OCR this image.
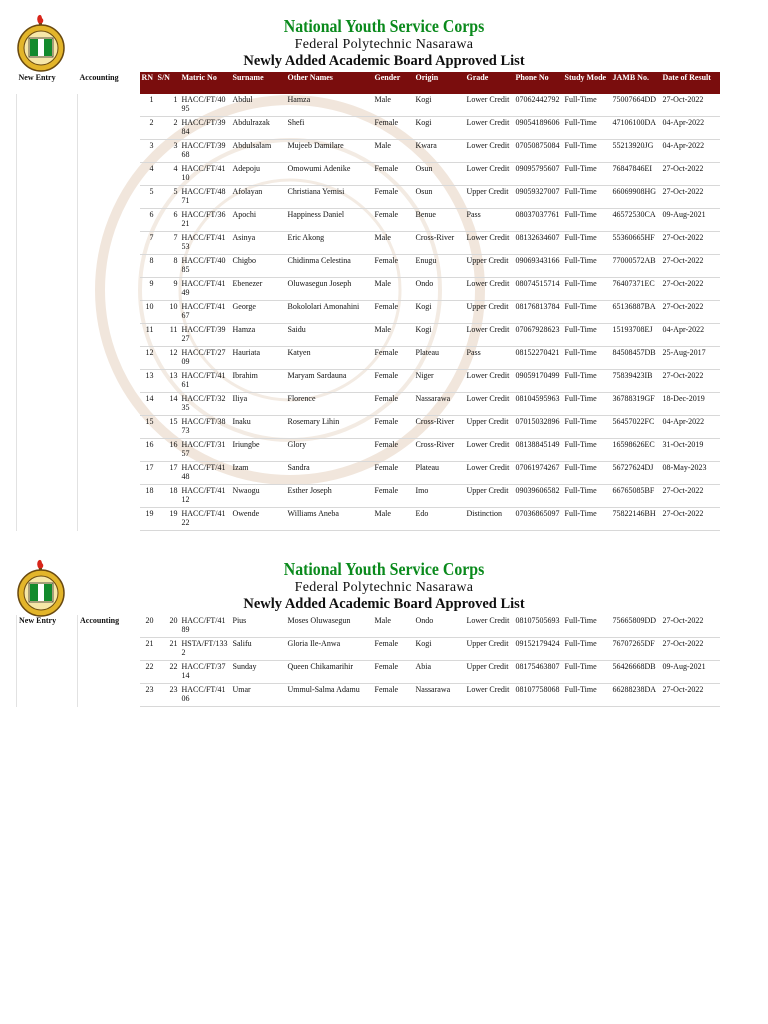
National Youth Service Corps
Federal Polytechnic Nasarawa
Newly Added Academic Board Approved List
New Entry	Accounting	RN	S/N	Matric No	Surname	Other Names	Gender	Origin	Grade	Phone No	Study Mode	JAMB No.	Date of Result
		1	1	HACC/FT/40 95	Abdul	Hamza	Male	Kogi	Lower Credit	07062442792	Full-Time	75007664DD	27-Oct-2022
		2	2	HACC/FT/39 84	Abdulrazak	Shefi	Female	Kogi	Lower Credit	09054189606	Full-Time	47106100DA	04-Apr-2022
		3	3	HACC/FT/39 68	Abdulsalam	Mujeeb Damilare	Male	Kwara	Lower Credit	07050875084	Full-Time	55213920JG	04-Apr-2022
		4	4	HACC/FT/41 10	Adepoju	Omowumi Adenike	Female	Osun	Lower Credit	09095795607	Full-Time	76847846EI	27-Oct-2022
		5	5	HACC/FT/48 71	Afolayan	Christiana Yemisi	Female	Osun	Upper Credit	09059327007	Full-Time	66069908HG	27-Oct-2022
		6	6	HACC/FT/36 21	Apochi	Happiness Daniel	Female	Benue	Pass	08037037761	Full-Time	46572530CA	09-Aug-2021
		7	7	HACC/FT/41 53	Asinya	Eric Akong	Male	Cross-River	Lower Credit	08132634607	Full-Time	55360665HF	27-Oct-2022
		8	8	HACC/FT/40 85	Chigbo	Chidinma Celestina	Female	Enugu	Upper Credit	09069343166	Full-Time	77000572AB	27-Oct-2022
		9	9	HACC/FT/41 49	Ebenezer	Oluwasegun Joseph	Male	Ondo	Lower Credit	08074515714	Full-Time	76407371EC	27-Oct-2022
		10	10	HACC/FT/41 67	George	Bokololari Amonahini	Female	Kogi	Upper Credit	08176813784	Full-Time	65136887BA	27-Oct-2022
		11	11	HACC/FT/39 27	Hamza	Saidu	Male	Kogi	Lower Credit	07067928623	Full-Time	15193708EJ	04-Apr-2022
		12	12	HACC/FT/27 09	Hauriata	Katyen	Female	Plateau	Pass	08152270421	Full-Time	84508457DB	25-Aug-2017
		13	13	HACC/FT/41 61	Ibrahim	Maryam Sardauna	Female	Niger	Lower Credit	09059170499	Full-Time	75839423IB	27-Oct-2022
		14	14	HACC/FT/32 35	Iliya	Florence	Female	Nassarawa	Lower Credit	08104595963	Full-Time	36788319GF	18-Dec-2019
		15	15	HACC/FT/38 73	Inaku	Rosemary Lihin	Female	Cross-River	Upper Credit	07015032896	Full-Time	56457022FC	04-Apr-2022
		16	16	HACC/FT/31 57	Iriungbe	Glory	Female	Cross-River	Lower Credit	08138845149	Full-Time	16598626EC	31-Oct-2019
		17	17	HACC/FT/41 48	Izam	Sandra	Female	Plateau	Lower Credit	07061974267	Full-Time	56727624DJ	08-May-2023
		18	18	HACC/FT/41 12	Nwaogu	Esther Joseph	Female	Imo	Upper Credit	09039606582	Full-Time	66765085BF	27-Oct-2022
		19	19	HACC/FT/41 22	Owende	Williams Aneba	Male	Edo	Distinction	07036865097	Full-Time	75822146BH	27-Oct-2022
National Youth Service Corps
Federal Polytechnic Nasarawa
Newly Added Academic Board Approved List
New Entry	Accounting	20	20	HACC/FT/41 89	Pius	Moses Oluwasegun	Male	Ondo	Lower Credit	08107505693	Full-Time	75665809DD	27-Oct-2022
		21	21	HSTA/FT/133 2	Salifu	Gloria Ile-Anwa	Female	Kogi	Upper Credit	09152179424	Full-Time	76707265DF	27-Oct-2022
		22	22	HACC/FT/37 14	Sunday	Queen Chikamarihir	Female	Abia	Upper Credit	08175463807	Full-Time	56426668DB	09-Aug-2021
		23	23	HACC/FT/41 06	Umar	Ummul-Salma Adamu	Female	Nassarawa	Lower Credit	08107758068	Full-Time	66288238DA	27-Oct-2022
